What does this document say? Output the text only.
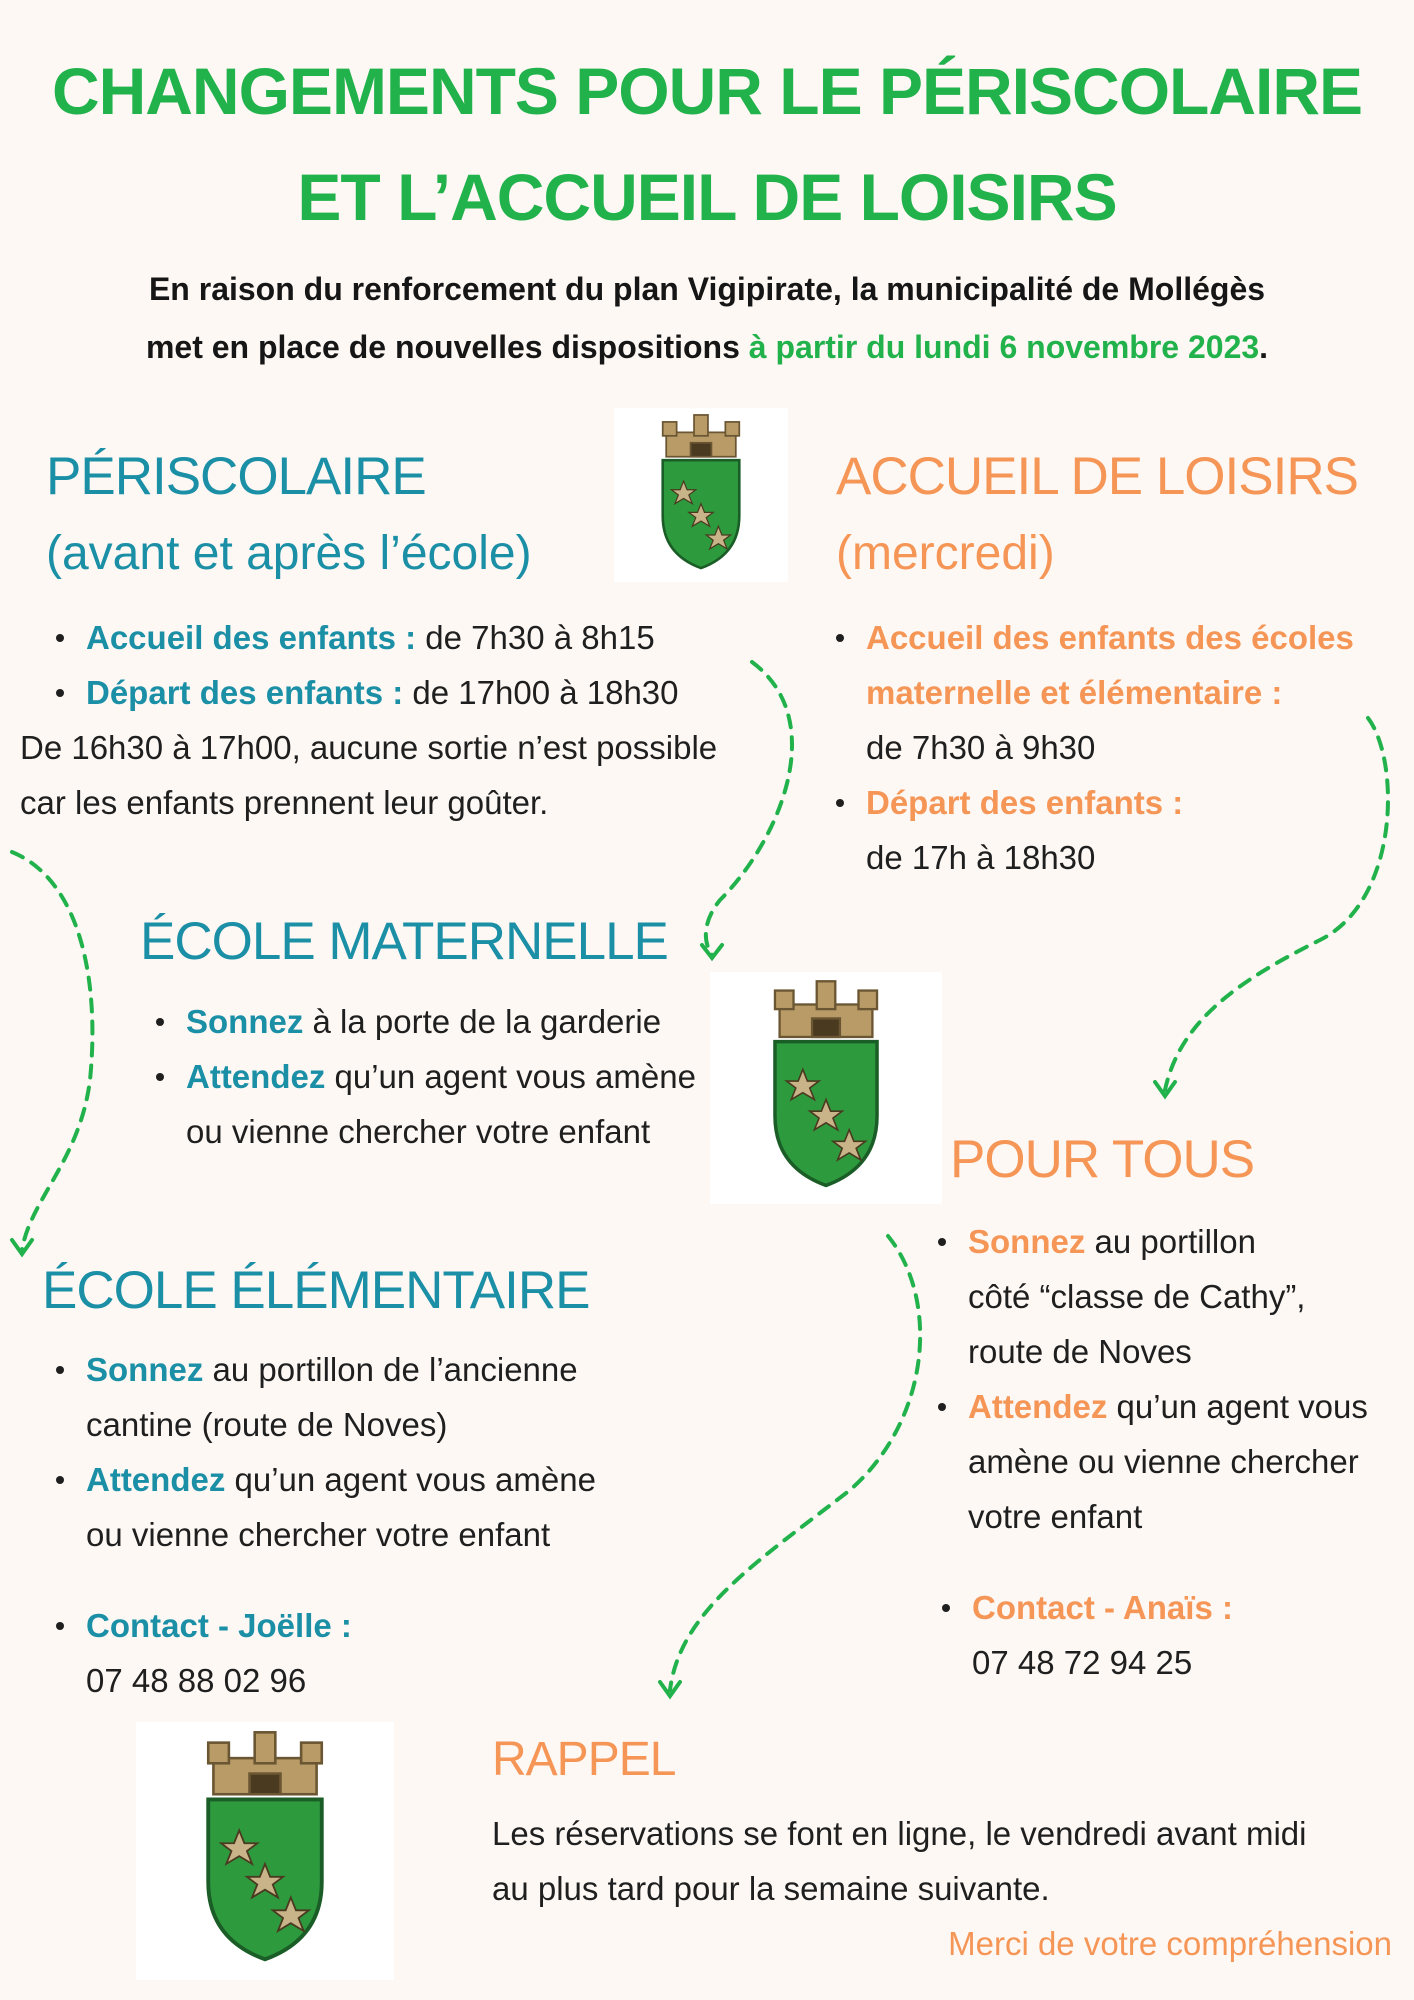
CHANGEMENTS POUR LE PÉRISCOLAIRE
ET L’ACCUEIL DE LOISIRS
En raison du renforcement du plan Vigipirate, la municipalité de Mollégès
met en place de nouvelles dispositions à partir du lundi 6 novembre 2023.
PÉRISCOLAIRE
(avant et après l’école)
Accueil des enfants : de 7h30 à 8h15
Départ des enfants : de 17h00 à 18h30
De 16h30 à 17h00, aucune sortie n’est possible
car les enfants prennent leur goûter.
ACCUEIL DE LOISIRS
(mercredi)
Accueil des enfants des écoles
maternelle et élémentaire :
de 7h30 à 9h30
Départ des enfants :
de 17h à 18h30
ÉCOLE MATERNELLE
Sonnez à la porte de la garderie
Attendez qu’un agent vous amène
ou vienne chercher votre enfant	POUR TOUS
Sonnez au portillon
côté “classe de Cathy”,
route de Noves
Attendez qu’un agent vous
amène ou vienne chercher
votre enfant
Contact - Anaïs :
07 48 72 94 25
ÉCOLE ÉLÉMENTAIRE
Sonnez au portillon de l’ancienne
cantine (route de Noves)
Attendez qu’un agent vous amène
ou vienne chercher votre enfant
Contact - Joëlle :
07 48 88 02 96
RAPPEL
Les réservations se font en ligne, le vendredi avant midi
au plus tard pour la semaine suivante.
Merci de votre compréhension
